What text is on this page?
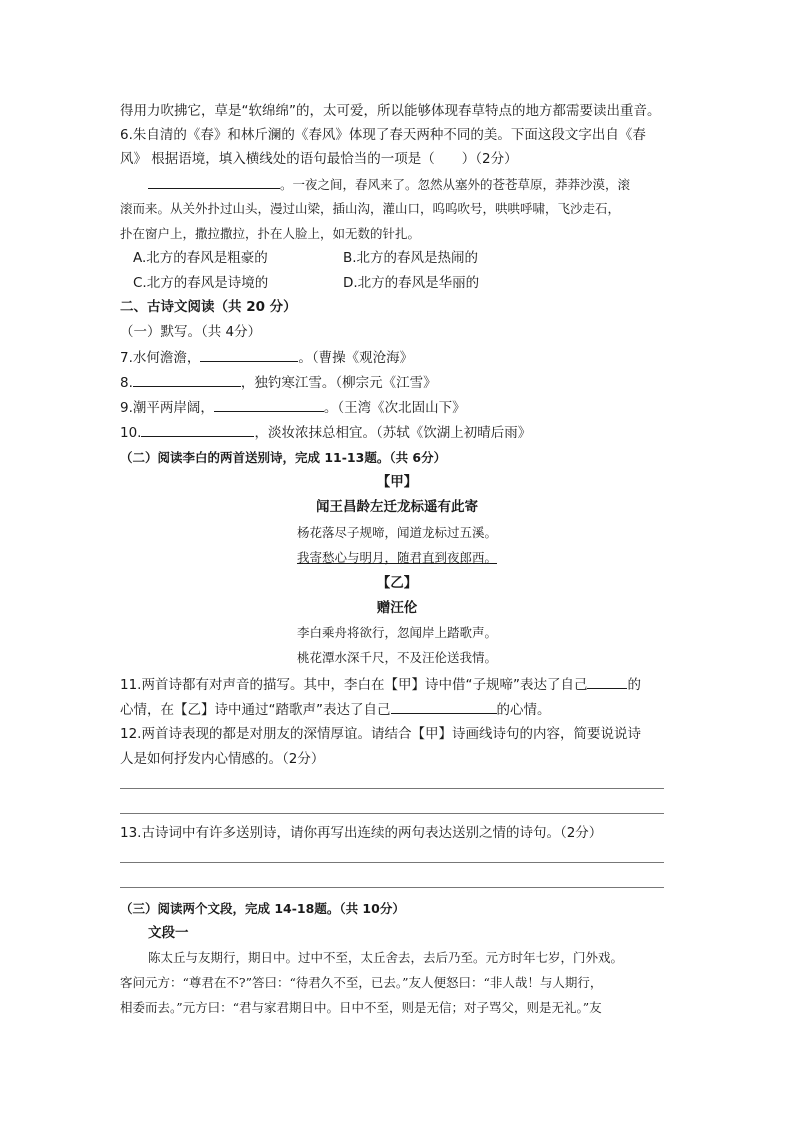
得用力吹拂它，草是“软绵绵”的，太可爱，所以能够体现春草特点的地方都需要读出重音。
6.朱自清的《春》和林斤澜的《春风》体现了春天两种不同的美。下面这段文字出自《春
风》 根据语境，填入横线处的语句最恰当的一项是（　　）（2分）
。一夜之间，春风来了。忽然从塞外的苍苍草原，莽莽沙漠，滚
滚而来。从关外扑过山头，漫过山梁，插山沟，灌山口，呜呜吹号，哄哄呼啸，飞沙走石，
扑在窗户上，撒拉撒拉，扑在人脸上，如无数的针扎。
A.北方的春风是粗豪的	B.北方的春风是热闹的
C.北方的春风是诗境的	D.北方的春风是华丽的
二、古诗文阅读（共 20 分）
（一）默写。（共 4分）
7.水何澹澹，	。（曹操《观沧海》
8.	，独钓寒江雪。（柳宗元《江雪》
9.潮平两岸阔，	。（王湾《次北固山下》
10.	，淡妆浓抹总相宜。（苏轼《饮湖上初晴后雨》
（二）阅读李白的两首送别诗，完成 11-13题。（共 6分）
【甲】
闻王昌龄左迁龙标遥有此寄
杨花落尽子规啼，闻道龙标过五溪。
我寄愁心与明月，随君直到夜郎西。
【乙】
赠汪伦
李白乘舟将欲行，忽闻岸上踏歌声。
桃花潭水深千尺，不及汪伦送我情。
11.两首诗都有对声音的描写。其中，李白在【甲】诗中借“子规啼”表达了自己	的
心情，在【乙】诗中通过“踏歌声”表达了自己	的心情。
12.两首诗表现的都是对朋友的深情厚谊。请结合【甲】诗画线诗句的内容，简要说说诗
人是如何抒发内心情感的。（2分）
13.古诗词中有许多送别诗，请你再写出连续的两句表达送别之情的诗句。（2分）
（三）阅读两个文段，完成 14-18题。（共 10分）
文段一
陈太丘与友期行，期日中。过中不至，太丘舍去，去后乃至。元方时年七岁，门外戏。
客问元方：“尊君在不?”答曰：“待君久不至，已去。”友人便怒曰：“非人哉！与人期行，
相委而去。”元方曰：“君与家君期日中。日中不至，则是无信；对子骂父，则是无礼。”友
